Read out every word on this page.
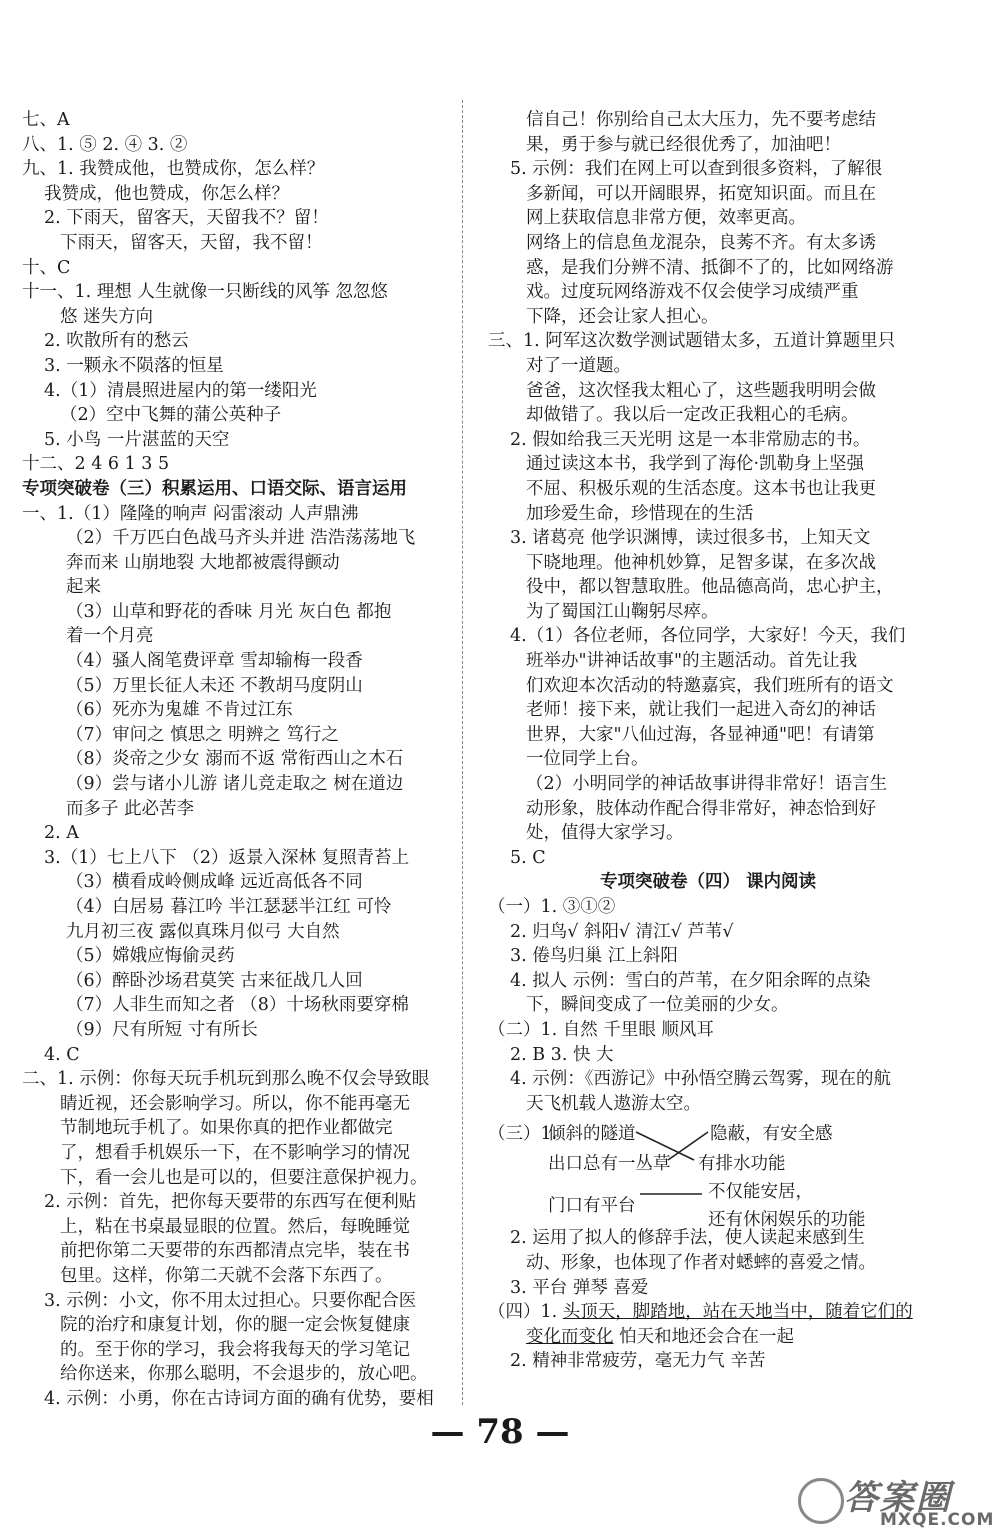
七、A
八、1. ⑤ 2. ④ 3. ②
九、1. 我赞成他，也赞成你，怎么样？
我赞成，他也赞成，你怎么样？
2. 下雨天，留客天，天留我不？留！
下雨天，留客天，天留，我不留！
十、C
十一、1. 理想 人生就像一只断线的风筝 忽忽悠
悠 迷失方向
2. 吹散所有的愁云
3. 一颗永不陨落的恒星
4.（1）清晨照进屋内的第一缕阳光
（2）空中飞舞的蒲公英种子
5. 小鸟 一片湛蓝的天空
十二、2 4 6 1 3 5
专项突破卷（三）积累运用、口语交际、语言运用
一、1.（1）隆隆的响声 闷雷滚动 人声鼎沸
（2）千万匹白色战马齐头并进 浩浩荡荡地飞
奔而来 山崩地裂 大地都被震得颤动
起来
（3）山草和野花的香味 月光 灰白色 都抱
着一个月亮
（4）骚人阁笔费评章 雪却输梅一段香
（5）万里长征人未还 不教胡马度阴山
（6）死亦为鬼雄 不肯过江东
（7）审问之 慎思之 明辨之 笃行之
（8）炎帝之少女 溺而不返 常衔西山之木石
（9）尝与诸小儿游 诸儿竞走取之 树在道边
而多子 此必苦李
2. A
3.（1）七上八下 （2）返景入深林 复照青苔上
（3）横看成岭侧成峰 远近高低各不同
（4）白居易 暮江吟 半江瑟瑟半江红 可怜
九月初三夜 露似真珠月似弓 大自然
（5）嫦娥应悔偷灵药
（6）醉卧沙场君莫笑 古来征战几人回
（7）人非生而知之者 （8）十场秋雨要穿棉
（9）尺有所短 寸有所长
4. C
二、1. 示例：你每天玩手机玩到那么晚不仅会导致眼
睛近视，还会影响学习。所以，你不能再毫无
节制地玩手机了。如果你真的把作业都做完
了，想看手机娱乐一下，在不影响学习的情况
下，看一会儿也是可以的，但要注意保护视力。
2. 示例：首先，把你每天要带的东西写在便利贴
上，粘在书桌最显眼的位置。然后，每晚睡觉
前把你第二天要带的东西都清点完毕，装在书
包里。这样，你第二天就不会落下东西了。
3. 示例：小文，你不用太过担心。只要你配合医
院的治疗和康复计划，你的腿一定会恢复健康
的。至于你的学习，我会将我每天的学习笔记
给你送来，你那么聪明，不会退步的，放心吧。
4. 示例：小勇，你在古诗词方面的确有优势，要相
信自己！你别给自己太大压力，先不要考虑结
果，勇于参与就已经很优秀了，加油吧！
5. 示例：我们在网上可以查到很多资料，了解很
多新闻，可以开阔眼界，拓宽知识面。而且在
网上获取信息非常方便，效率更高。
网络上的信息鱼龙混杂，良莠不齐。有太多诱
惑，是我们分辨不清、抵御不了的，比如网络游
戏。过度玩网络游戏不仅会使学习成绩严重
下降，还会让家人担心。
三、1. 阿军这次数学测试题错太多，五道计算题里只
对了一道题。
爸爸，这次怪我太粗心了，这些题我明明会做
却做错了。我以后一定改正我粗心的毛病。
2. 假如给我三天光明 这是一本非常励志的书。
通过读这本书，我学到了海伦·凯勒身上坚强
不屈、积极乐观的生活态度。这本书也让我更
加珍爱生命，珍惜现在的生活
3. 诸葛亮 他学识渊博，读过很多书，上知天文
下晓地理。他神机妙算，足智多谋，在多次战
役中，都以智慧取胜。他品德高尚，忠心护主，
为了蜀国江山鞠躬尽瘁。
4.（1）各位老师，各位同学，大家好！今天，我们
班举办"讲神话故事"的主题活动。首先让我
们欢迎本次活动的特邀嘉宾，我们班所有的语文
老师！接下来，就让我们一起进入奇幻的神话
世界，大家"八仙过海，各显神通"吧！有请第
一位同学上台。
（2）小明同学的神话故事讲得非常好！语言生
动形象，肢体动作配合得非常好，神态恰到好
处，值得大家学习。
5. C
专项突破卷（四） 课内阅读
（一）1. ③①②
2. 归鸟√ 斜阳√ 清江√ 芦苇√
3. 倦鸟归巢 江上斜阳
4. 拟人 示例：雪白的芦苇，在夕阳余晖的点染
下，瞬间变成了一位美丽的少女。
（二）1. 自然 千里眼 顺风耳
2. B 3. 快 大
4. 示例：《西游记》中孙悟空腾云驾雾，现在的航
天飞机载人遨游太空。
（三）1.
倾斜的隧道
出口总有一丛草
门口有平台
隐蔽，有安全感
有排水功能
不仅能安居，
还有休闲娱乐的功能
2. 运用了拟人的修辞手法，使人读起来感到生
动、形象，也体现了作者对蟋蟀的喜爱之情。
3. 平台 弹琴 喜爱
（四）1. 头顶天，脚踏地，站在天地当中，随着它们的
变化而变化 怕天和地还会合在一起
2. 精神非常疲劳，毫无力气 辛苦
— 78 —
答案圈
MXQE.COM
